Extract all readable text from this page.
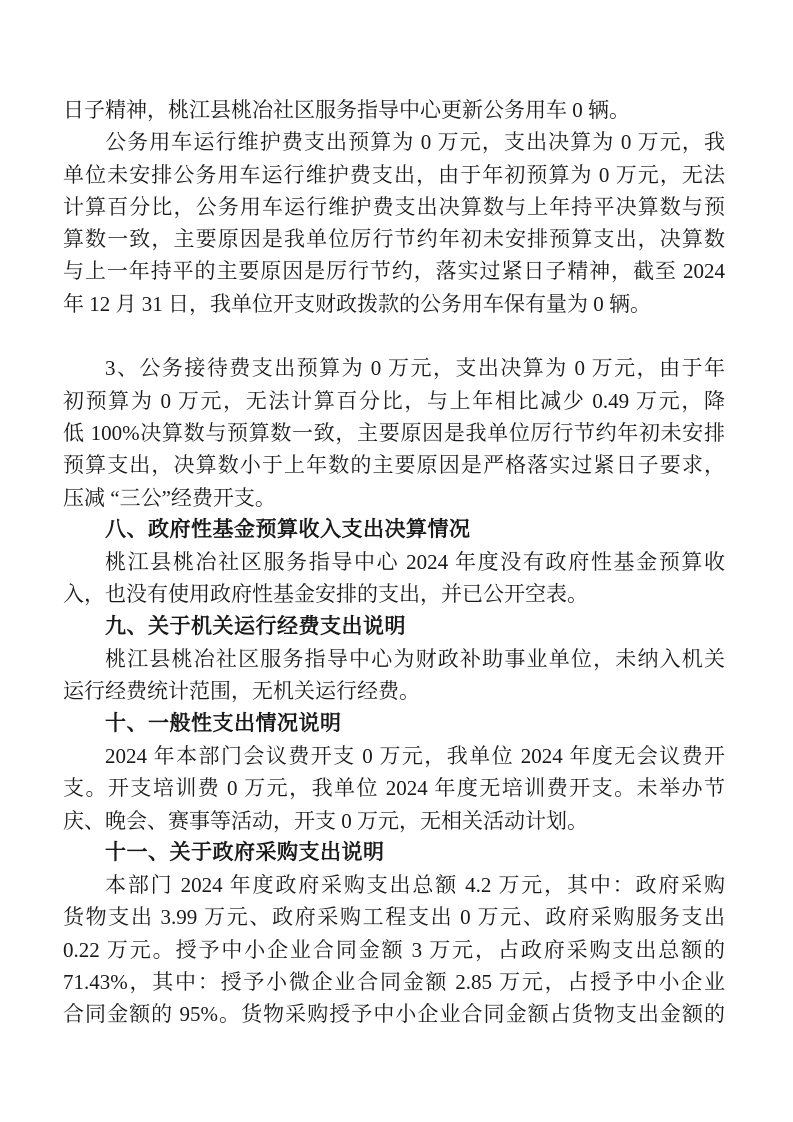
日子精神，桃江县桃冶社区服务指导中心更新公务用车 0 辆。
公务用车运行维护费支出预算为 0 万元，支出决算为 0 万元，我
单位未安排公务用车运行维护费支出，由于年初预算为 0 万元，无法
计算百分比，公务用车运行维护费支出决算数与上年持平决算数与预
算数一致，主要原因是我单位厉行节约年初未安排预算支出，决算数
与上一年持平的主要原因是厉行节约，落实过紧日子精神，截至 2024
年 12 月 31 日，我单位开支财政拨款的公务用车保有量为 0 辆。

3、公务接待费支出预算为 0 万元，支出决算为 0 万元，由于年
初预算为 0 万元，无法计算百分比，与上年相比减少 0.49 万元，降
低 100%决算数与预算数一致，主要原因是我单位厉行节约年初未安排
预算支出，决算数小于上年数的主要原因是严格落实过紧日子要求，
压减 “三公”经费开支。
八、政府性基金预算收入支出决算情况
桃江县桃冶社区服务指导中心 2024 年度没有政府性基金预算收
入，也没有使用政府性基金安排的支出，并已公开空表。
九、关于机关运行经费支出说明
桃江县桃冶社区服务指导中心为财政补助事业单位，未纳入机关
运行经费统计范围，无机关运行经费。
十、一般性支出情况说明
2024 年本部门会议费开支 0 万元，我单位 2024 年度无会议费开
支。开支培训费 0 万元，我单位 2024 年度无培训费开支。未举办节
庆、晚会、赛事等活动，开支 0 万元，无相关活动计划。
十一、关于政府采购支出说明
本部门 2024 年度政府采购支出总额 4.2 万元，其中：政府采购
货物支出 3.99 万元、政府采购工程支出 0 万元、政府采购服务支出
0.22 万元。授予中小企业合同金额 3 万元，占政府采购支出总额的
71.43%，其中：授予小微企业合同金额 2.85 万元，占授予中小企业
合同金额的 95%。货物采购授予中小企业合同金额占货物支出金额的
